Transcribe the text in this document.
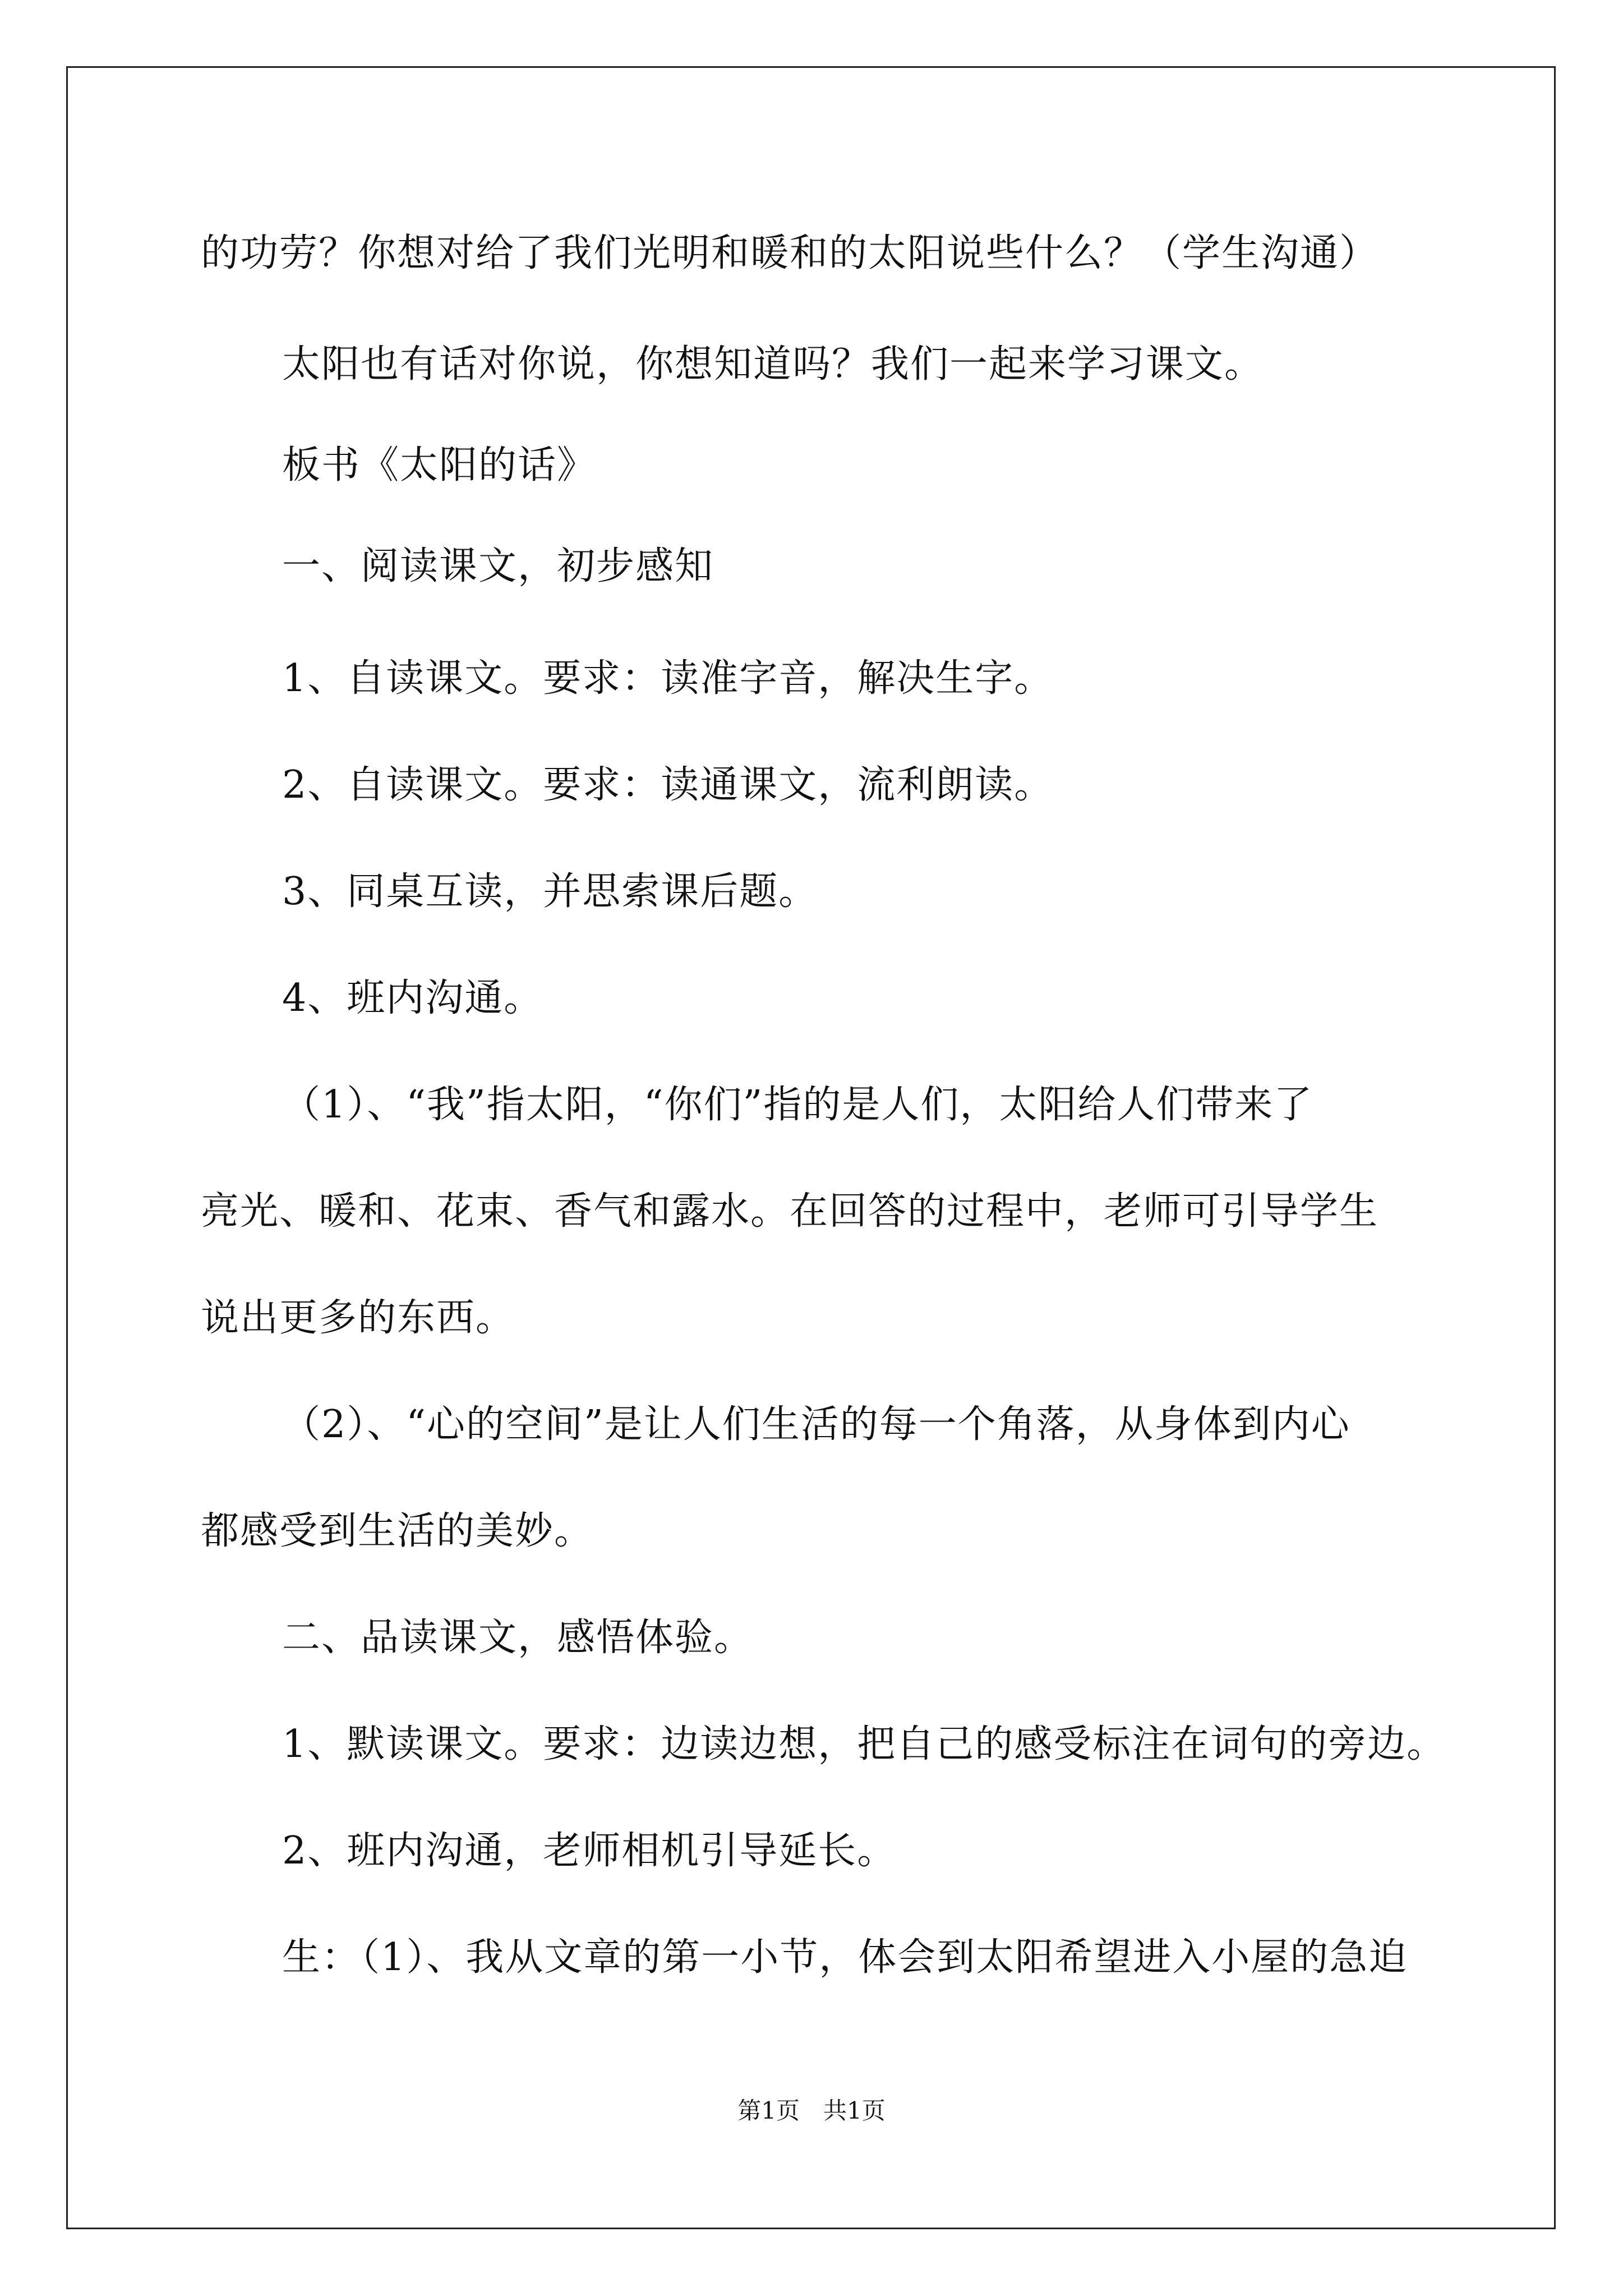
的功劳？你想对给了我们光明和暖和的太阳说些什么？（学生沟通）
太阳也有话对你说，你想知道吗？我们一起来学习课文。
板书《太阳的话》
一、阅读课文，初步感知
1、自读课文。要求：读准字音，解决生字。
2、自读课文。要求：读通课文，流利朗读。
3、同桌互读，并思索课后题。
4、班内沟通。
（1）、“我”指太阳，“你们”指的是人们，太阳给人们带来了
亮光、暖和、花束、香气和露水。在回答的过程中，老师可引导学生
说出更多的东西。
（2）、“心的空间”是让人们生活的每一个角落，从身体到内心
都感受到生活的美妙。
二、品读课文，感悟体验。
1、默读课文。要求：边读边想，把自己的感受标注在词句的旁边。
2、班内沟通，老师相机引导延长。
生：（1）、我从文章的第一小节，体会到太阳希望进入小屋的急迫
第1页　共1页
